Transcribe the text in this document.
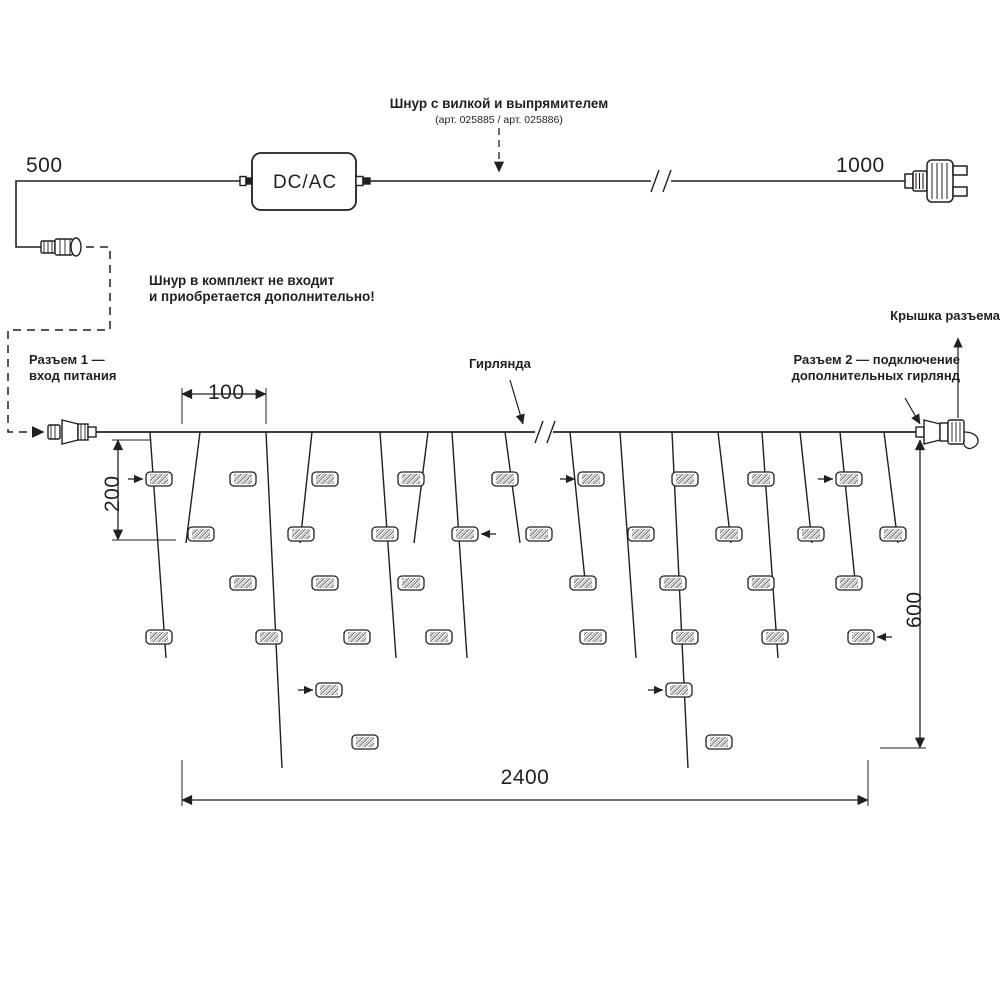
Шнур с вилкой и выпрямителем
(арт. 025885 / арт. 025886)
DC/AC
500	1000
Шнур в комплект не входит
и приобретается дополнительно!
Разъем 1 —
вход питания
Гирлянда	Разъем 2 — подключение
дополнительных гирлянд
Крышка разъема
100
200
600
2400
